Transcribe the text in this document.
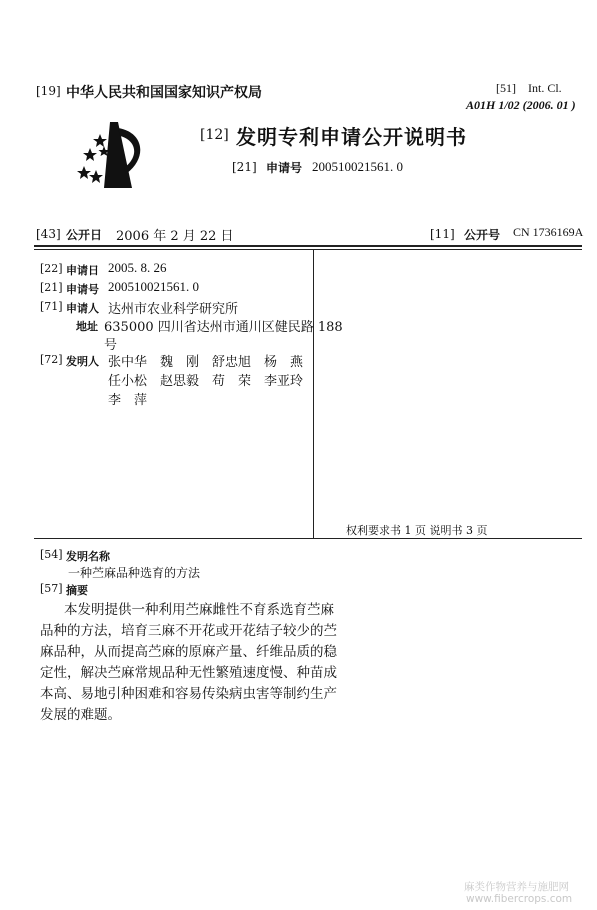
[19] 中华人民共和国国家知识产权局	[51] Int. Cl.
A01H 1/02 (2006. 01 )
[12] 发明专利申请公开说明书
[21] 申请号 200510021561. 0
[43] 公开日 2006 年 2 月 22 日	[11] 公开号 CN 1736169A
[22] 申请日 2005. 8. 26
[21] 申请号 200510021561. 0
[71] 申请人 达州市农业科学研究所
地址 635000 四川省达州市通川区健民路 188
号
[72] 发明人 张中华　魏　刚　舒忠旭　杨　燕
任小松　赵思毅　苟　荣　李亚玲
李　萍
权利要求书 1 页 说明书 3 页
[54] 发明名称
一种苎麻品种选育的方法
[57] 摘要
本发明提供一种利用苎麻雌性不育系选育苎麻
品种的方法，培育三麻不开花或开花结子较少的苎
麻品种，从而提高苎麻的原麻产量、纤维品质的稳
定性，解决苎麻常规品种无性繁殖速度慢、种苗成
本高、易地引种困难和容易传染病虫害等制约生产
发展的难题。
麻类作物营养与施肥网
www.fibercrops.com
